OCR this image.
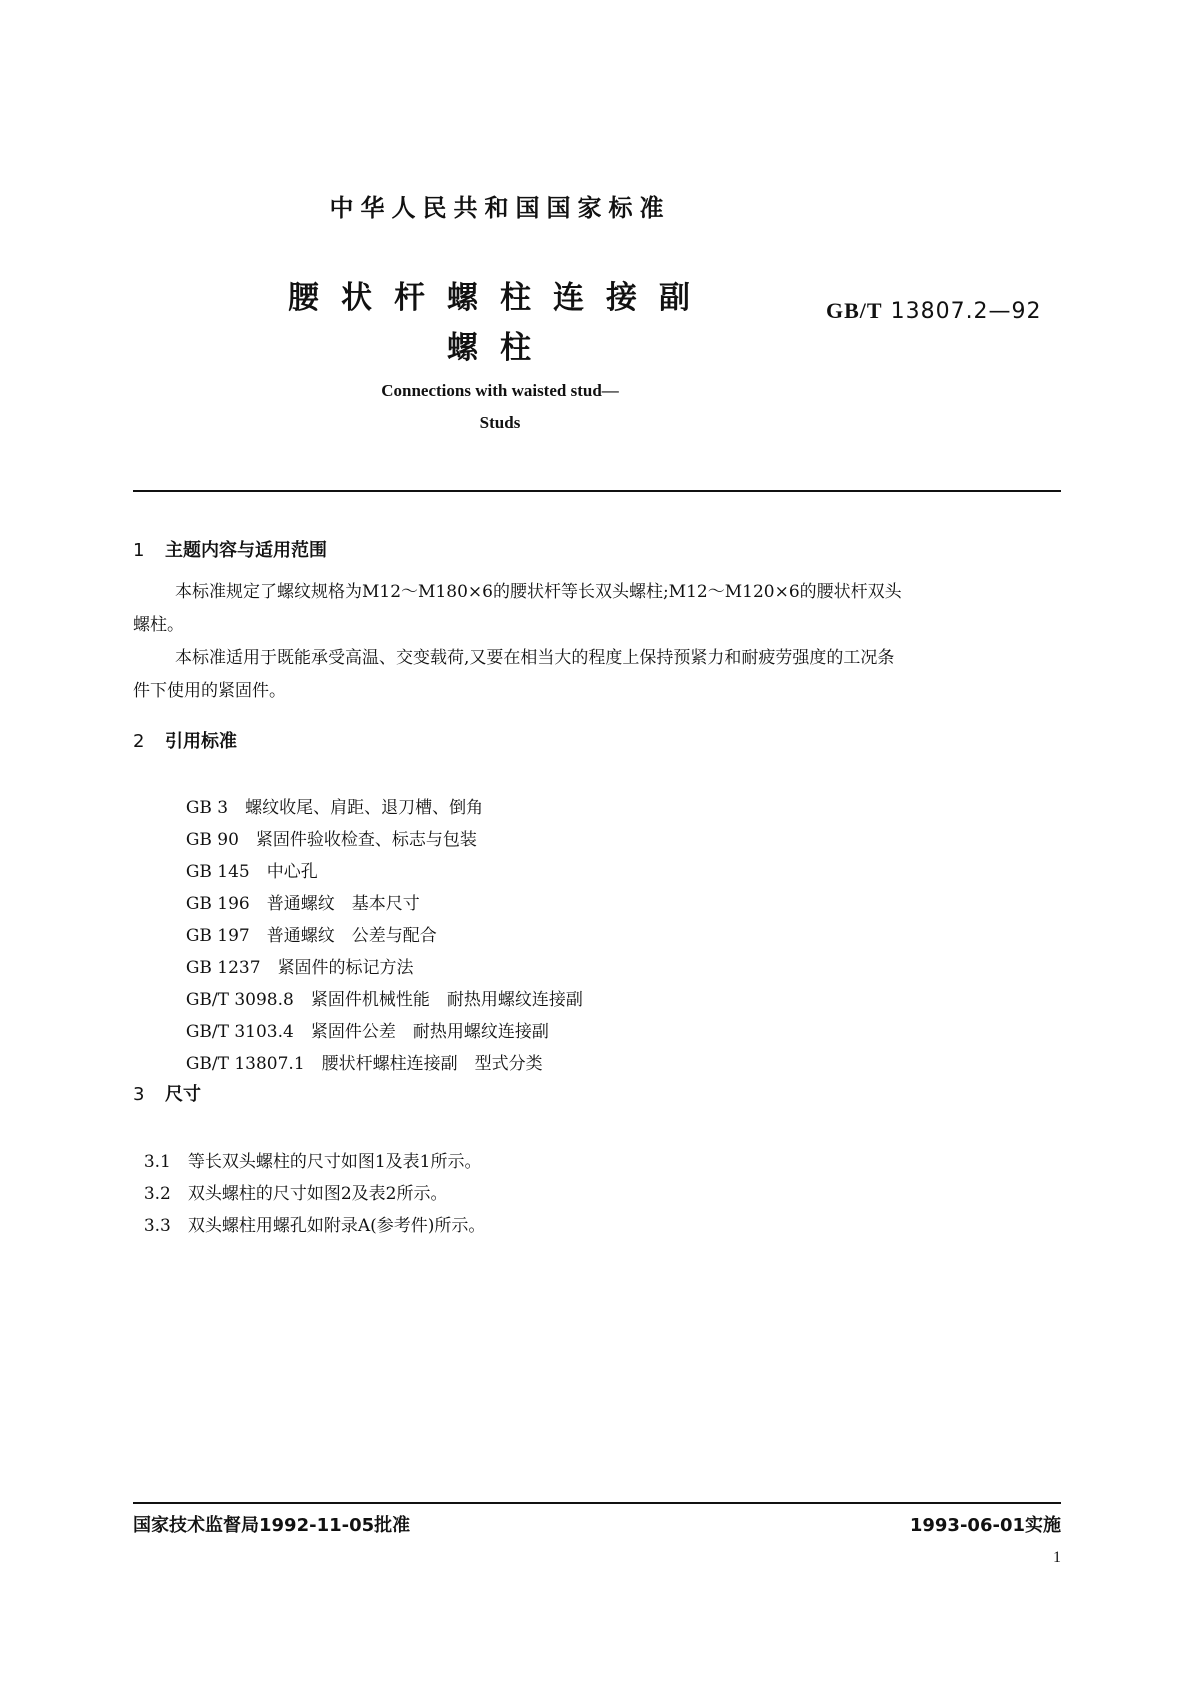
中华人民共和国国家标准
腰状杆螺柱连接副
螺柱
GB/T 13807.2—92
Connections with waisted stud—
Studs
1 主题内容与适用范围
本标准规定了螺纹规格为M12～M180×6的腰状杆等长双头螺柱;M12～M120×6的腰状杆双头
螺柱。
本标准适用于既能承受高温、交变载荷,又要在相当大的程度上保持预紧力和耐疲劳强度的工况条
件下使用的紧固件。
2 引用标准

GB 3　 螺纹收尾、肩距、退刀槽、倒角

GB 90　 紧固件验收检查、标志与包装

GB 145　 中心孔

GB 196　 普通螺纹　基本尺寸

GB 197　 普通螺纹　公差与配合

GB 1237　 紧固件的标记方法

GB/T 3098.8　 紧固件机械性能　耐热用螺纹连接副

GB/T 3103.4　 紧固件公差　耐热用螺纹连接副

GB/T 13807.1　 腰状杆螺柱连接副　型式分类

3 尺寸

3.1　 等长双头螺柱的尺寸如图1及表1所示。

3.2　 双头螺柱的尺寸如图2及表2所示。

3.3　 双头螺柱用螺孔如附录A(参考件)所示。

国家技术监督局1992-11-05批准	1993-06-01实施
1
